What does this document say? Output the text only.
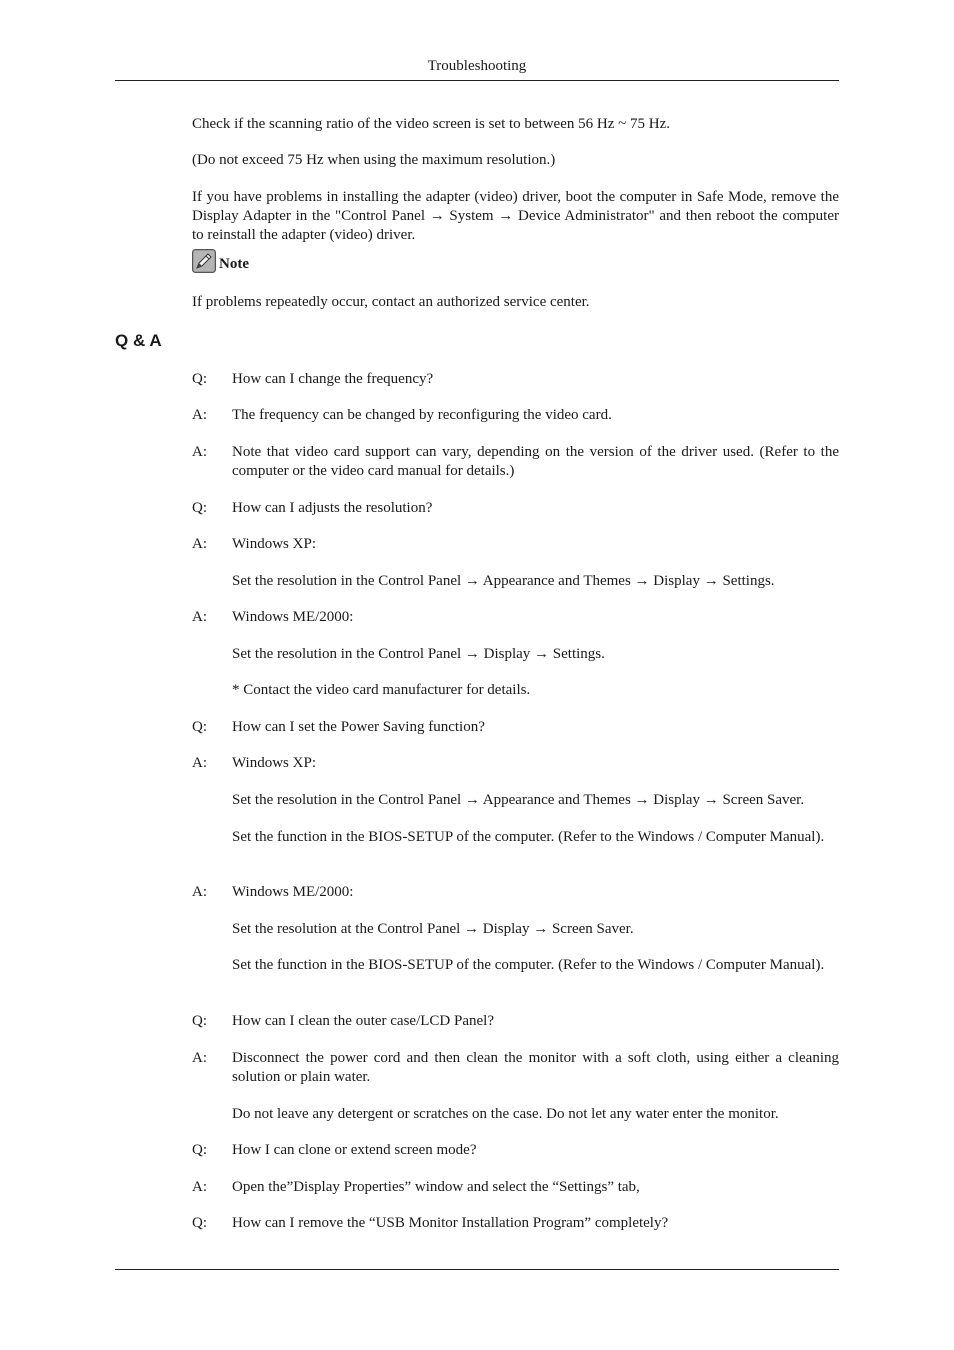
Troubleshooting
Check if the scanning ratio of the video screen is set to between 56 Hz ~ 75 Hz.
(Do not exceed 75 Hz when using the maximum resolution.)
If you have problems in installing the adapter (video) driver, boot the computer in Safe Mode, remove the Display Adapter in the "Control Panel → System → Device Administrator" and then reboot the computer to reinstall the adapter (video) driver.
Note
If problems repeatedly occur, contact an authorized service center.
Q & A
Q: How can I change the frequency?
A: The frequency can be changed by reconfiguring the video card.
A: Note that video card support can vary, depending on the version of the driver used. (Refer to the computer or the video card manual for details.)
Q: How can I adjusts the resolution?
A: Windows XP:
Set the resolution in the Control Panel → Appearance and Themes → Display → Settings.
A: Windows ME/2000:
Set the resolution in the Control Panel → Display → Settings.
* Contact the video card manufacturer for details.
Q: How can I set the Power Saving function?
A: Windows XP:
Set the resolution in the Control Panel → Appearance and Themes → Display → Screen Saver.
Set the function in the BIOS-SETUP of the computer. (Refer to the Windows / Computer Manual).
A: Windows ME/2000:
Set the resolution at the Control Panel → Display → Screen Saver.
Set the function in the BIOS-SETUP of the computer. (Refer to the Windows / Computer Manual).
Q: How can I clean the outer case/LCD Panel?
A: Disconnect the power cord and then clean the monitor with a soft cloth, using either a cleaning solution or plain water.
Do not leave any detergent or scratches on the case. Do not let any water enter the monitor.
Q: How I can clone or extend screen mode?
A: Open the”Display Properties” window and select the “Settings” tab,
Q: How can I remove the “USB Monitor Installation Program” completely?
